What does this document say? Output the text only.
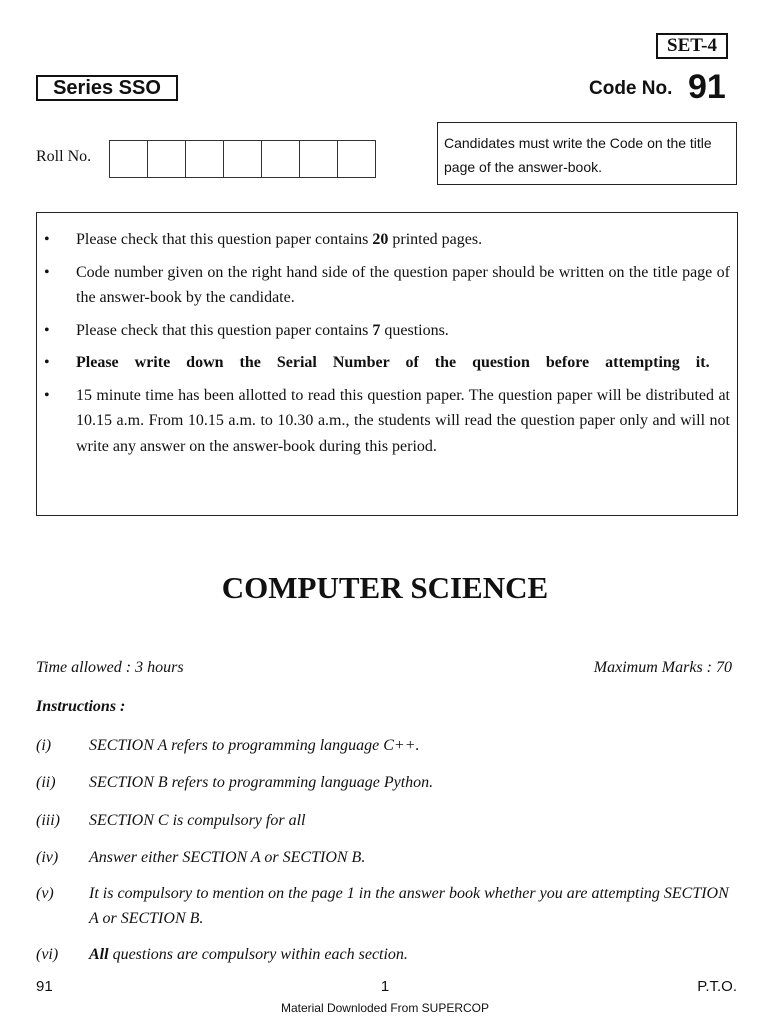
SET-4
Series SSO	Code No. 91
Roll No.
Candidates must write the Code on the title page of the answer-book.
•	Please check that this question paper contains 20 printed pages.
•	Code number given on the right hand side of the question paper should be written on the title page of the answer-book by the candidate.
•	Please check that this question paper contains 7 questions.
•	Please write down the Serial Number of the question before attempting it.
•	15 minute time has been allotted to read this question paper. The question paper will be distributed at 10.15 a.m. From 10.15 a.m. to 10.30 a.m., the students will read the question paper only and will not write any answer on the answer-book during this period.
COMPUTER SCIENCE
Time allowed : 3 hours	Maximum Marks : 70
Instructions :
(i) SECTION A refers to programming language C++.
(ii) SECTION B refers to programming language Python.
(iii) SECTION C is compulsory for all
(iv) Answer either SECTION A or SECTION B.
(v) It is compulsory to mention on the page 1 in the answer book whether you are attempting SECTION A or SECTION B.
(vi) All questions are compulsory within each section.
91	1	P.T.O.
Material Downloded From SUPERCOP
